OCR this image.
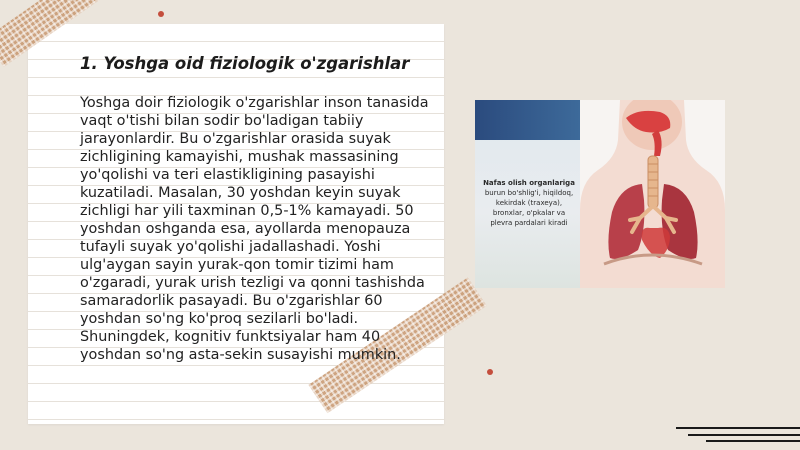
1. Yoshga oid fiziologik o'zgarishlar

Yoshga doir fiziologik o'zgarishlar inson tanasida vaqt o'tishi bilan sodir bo'ladigan tabiiy jarayonlardir. Bu o'zgarishlar orasida suyak zichligining kamayishi, mushak massasining yo'qolishi va teri elastikligining pasayishi kuzatiladi. Masalan, 30 yoshdan keyin suyak zichligi har yili taxminan 0,5-1% kamayadi. 50 yoshdan oshganda esa, ayollarda menopauza tufayli suyak yo'qolishi jadallashadi. Yoshi ulg'aygan sayin yurak-qon tomir tizimi ham o'zgaradi, yurak urish tezligi va qonni tashishda samaradorlik pasayadi. Bu o'zgarishlar 60 yoshdan so'ng ko'proq sezilarli bo'ladi. Shuningdek, kognitiv funktsiyalar ham 40 yoshdan so'ng asta-sekin susayishi mumkin.

Nafas olish organlariga burun bo'shlig'i, hiqildoq, kekirdak (traxeya), bronxlar, o'pkalar va plevra pardalari kiradi
